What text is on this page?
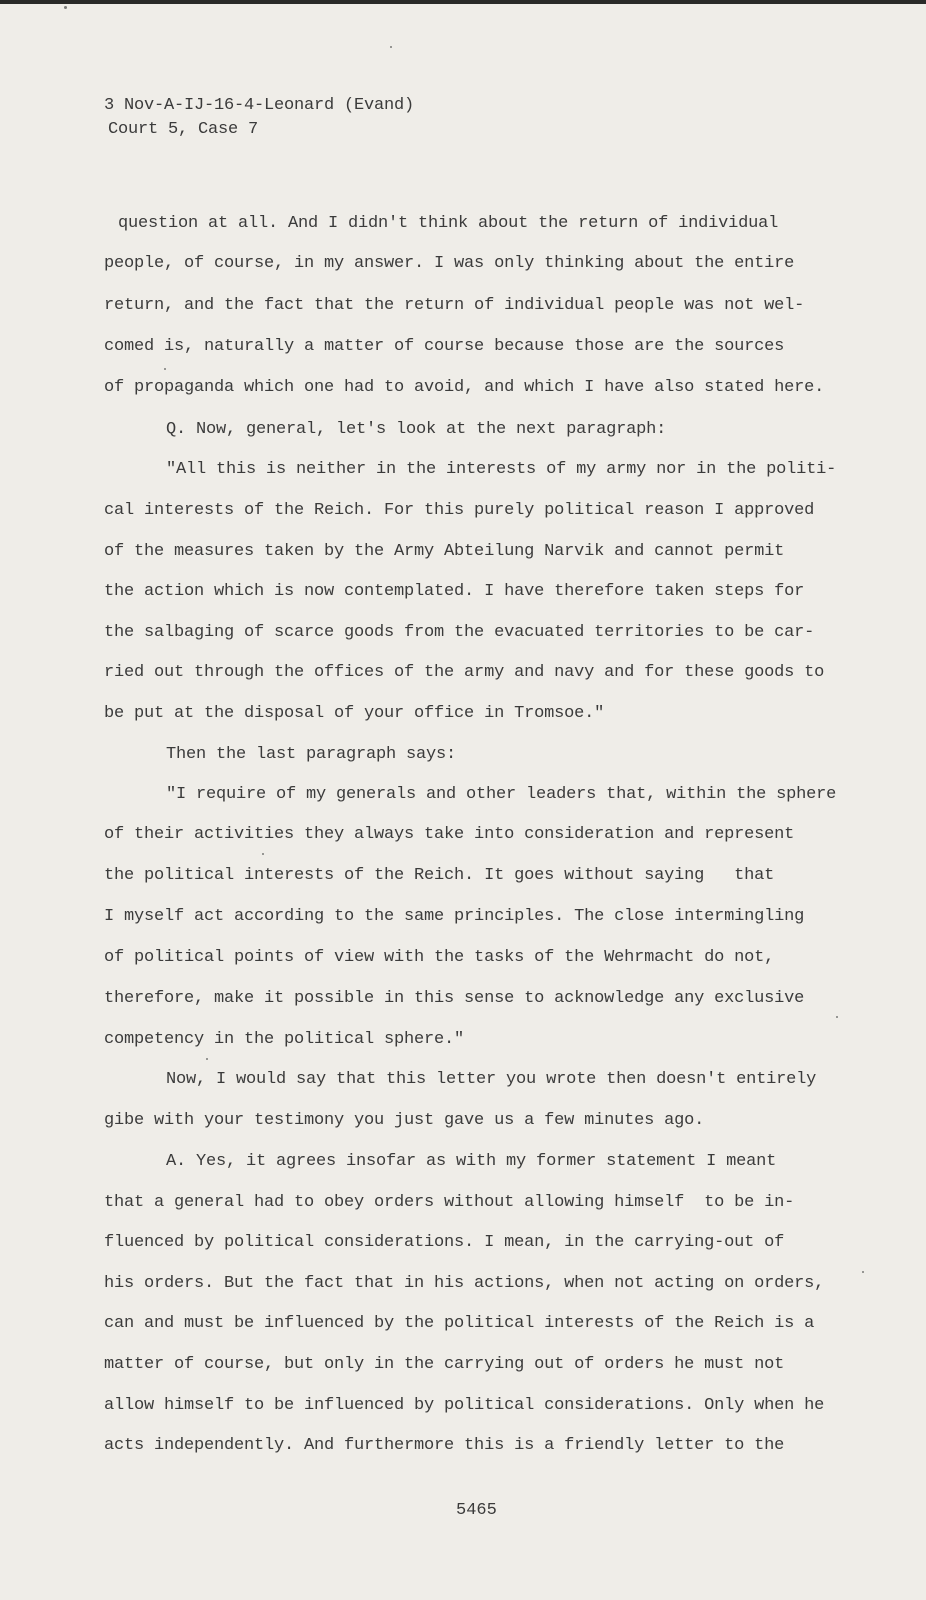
3 Nov-A-IJ-16-4-Leonard (Evand)
Court 5, Case 7
question at all. And I didn't think about the return of individual
people, of course, in my answer. I was only thinking about the entire
return, and the fact that the return of individual people was not wel-
comed is, naturally a matter of course because those are the sources
of propaganda which one had to avoid, and which I have also stated here.
Q. Now, general, let's look at the next paragraph:
"All this is neither in the interests of my army nor in the politi-
cal interests of the Reich. For this purely political reason I approved
of the measures taken by the Army Abteilung Narvik and cannot permit
the action which is now contemplated. I have therefore taken steps for
the salbaging of scarce goods from the evacuated territories to be car-
ried out through the offices of the army and navy and for these goods to
be put at the disposal of your office in Tromsoe."
Then the last paragraph says:
"I require of my generals and other leaders that, within the sphere
of their activities they always take into consideration and represent
the political interests of the Reich. It goes without saying   that
I myself act according to the same principles. The close intermingling
of political points of view with the tasks of the Wehrmacht do not,
therefore, make it possible in this sense to acknowledge any exclusive
competency in the political sphere."
Now, I would say that this letter you wrote then doesn't entirely
gibe with your testimony you just gave us a few minutes ago.
A. Yes, it agrees insofar as with my former statement I meant
that a general had to obey orders without allowing himself  to be in-
fluenced by political considerations. I mean, in the carrying-out of
his orders. But the fact that in his actions, when not acting on orders,
can and must be influenced by the political interests of the Reich is a
matter of course, but only in the carrying out of orders he must not
allow himself to be influenced by political considerations. Only when he
acts independently. And furthermore this is a friendly letter to the
5465
